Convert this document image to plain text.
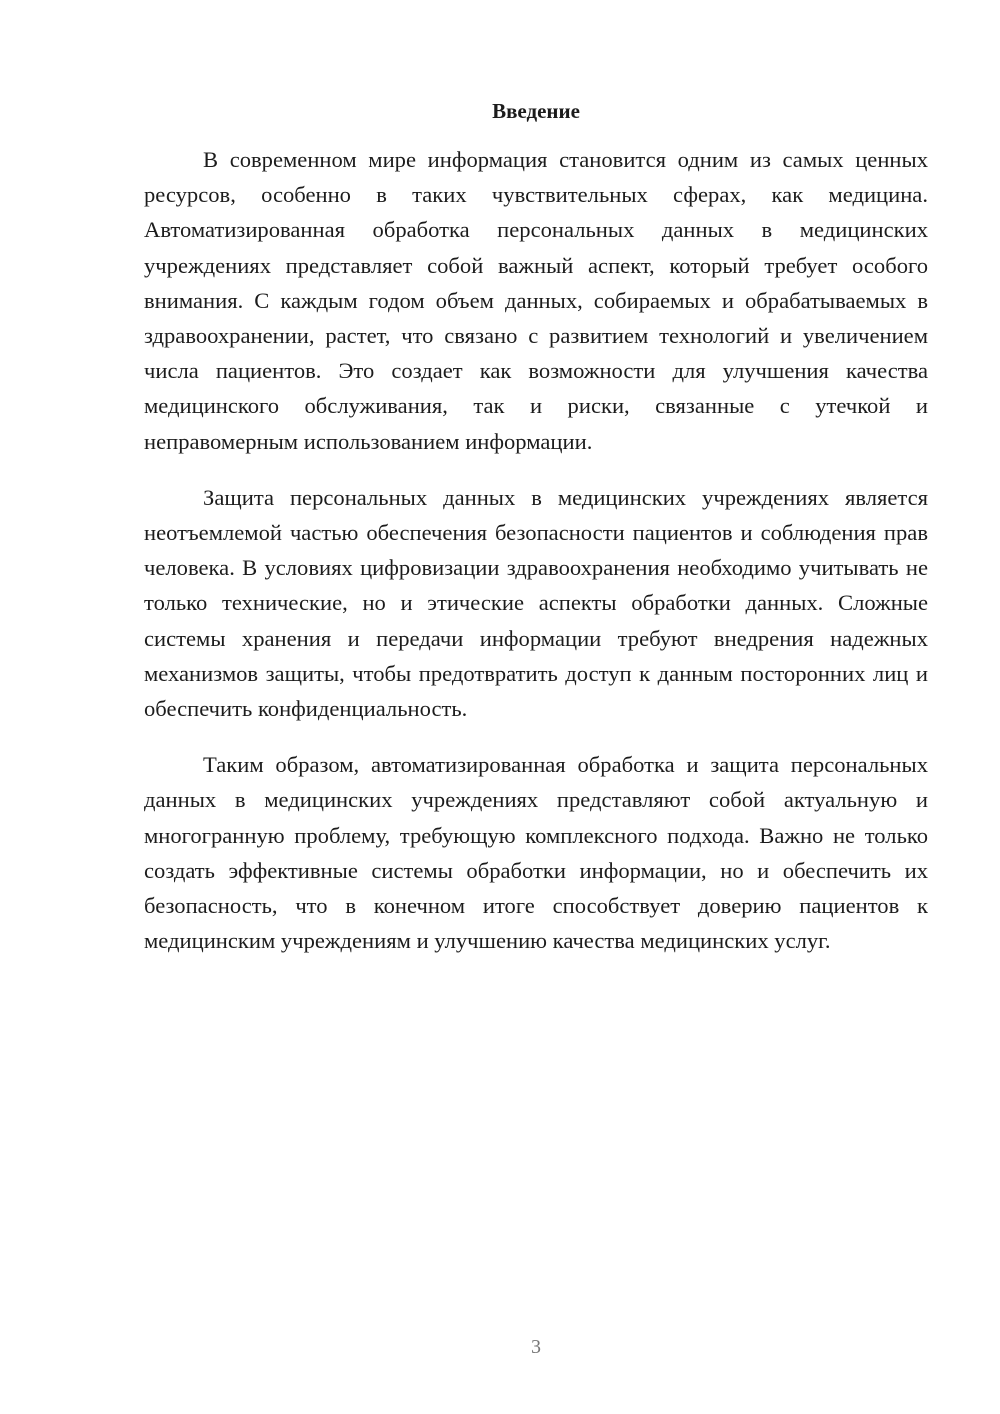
Введение

В современном мире информация становится одним из самых ценных ресурсов, особенно в таких чувствительных сферах, как медицина. Автоматизированная обработка персональных данных в медицинских учреждениях представляет собой важный аспект, который требует особого внимания. С каждым годом объем данных, собираемых и обрабатываемых в здравоохранении, растет, что связано с развитием технологий и увеличением числа пациентов. Это создает как возможности для улучшения качества медицинского обслуживания, так и риски, связанные с утечкой и неправомерным использованием информации.

Защита персональных данных в медицинских учреждениях является неотъемлемой частью обеспечения безопасности пациентов и соблюдения прав человека. В условиях цифровизации здравоохранения необходимо учитывать не только технические, но и этические аспекты обработки данных. Сложные системы хранения и передачи информации требуют внедрения надежных механизмов защиты, чтобы предотвратить доступ к данным посторонних лиц и обеспечить конфиденциальность.

Таким образом, автоматизированная обработка и защита персональных данных в медицинских учреждениях представляют собой актуальную и многогранную проблему, требующую комплексного подхода. Важно не только создать эффективные системы обработки информации, но и обеспечить их безопасность, что в конечном итоге способствует доверию пациентов к медицинским учреждениям и улучшению качества медицинских услуг.

3
